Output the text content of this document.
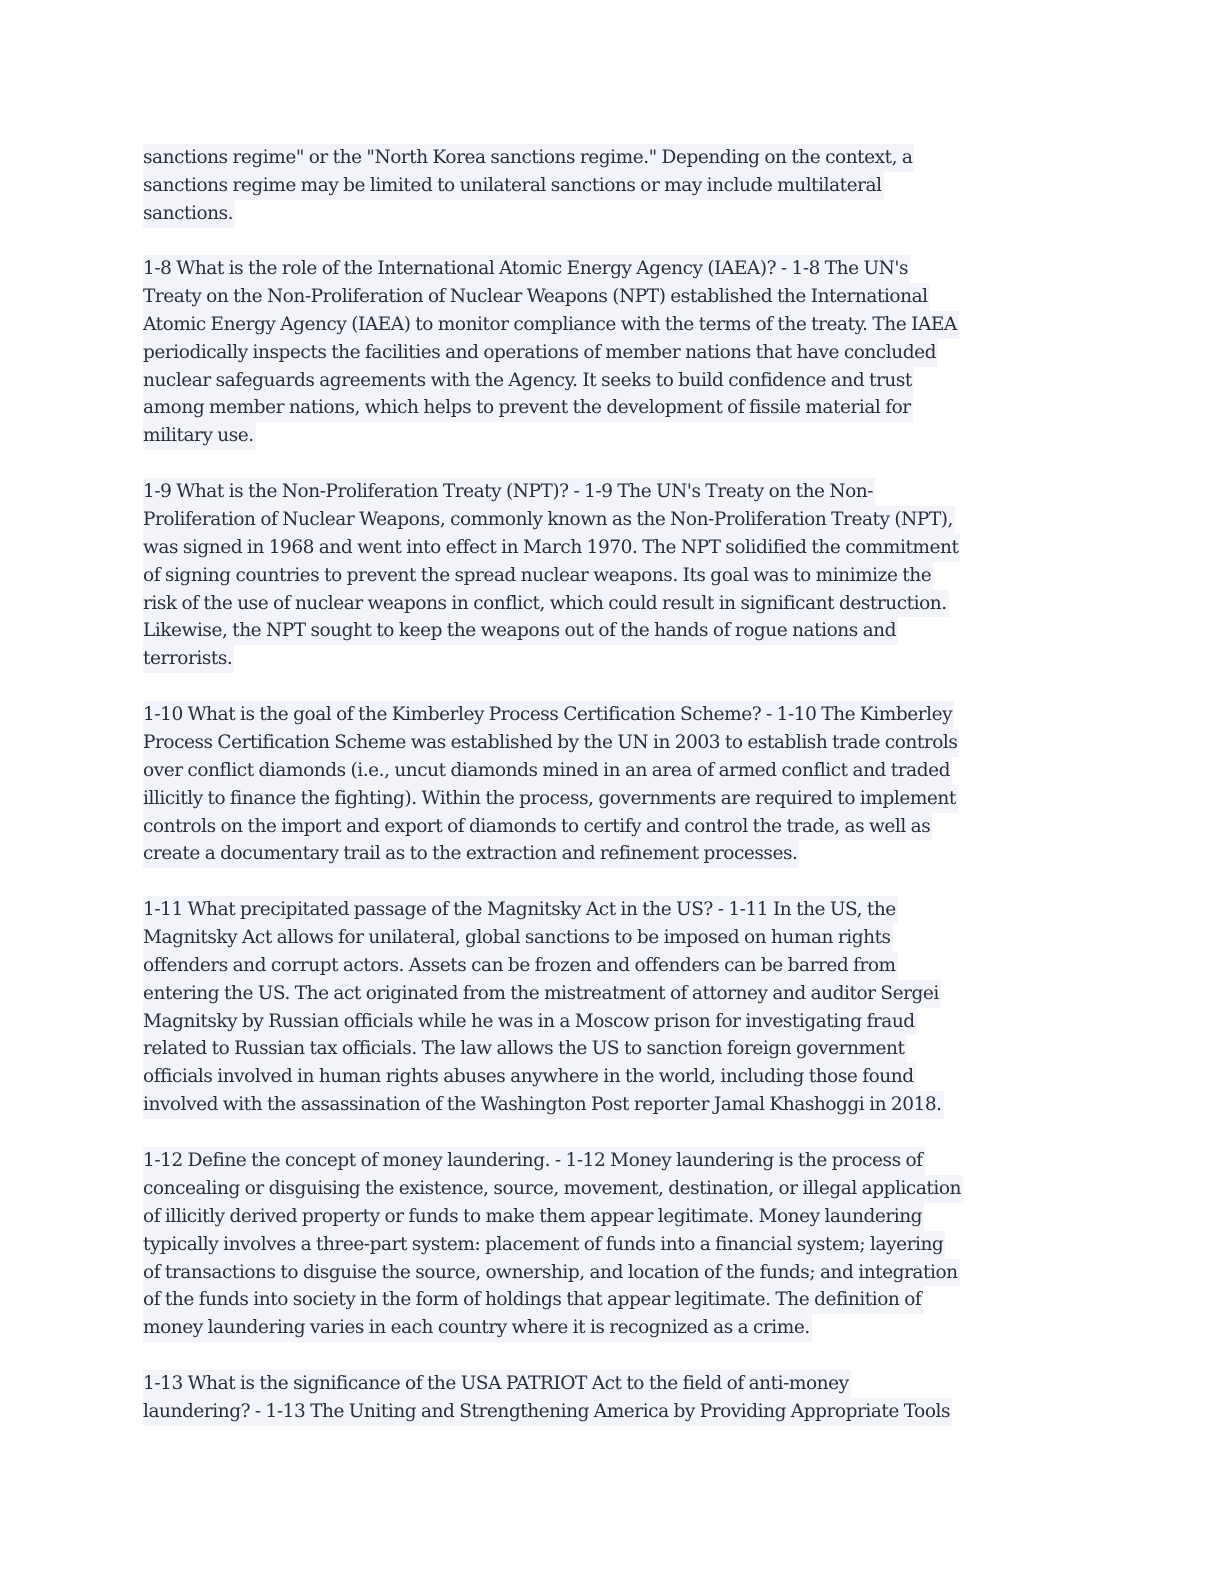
sanctions regime" or the "North Korea sanctions regime." Depending on the context, a
sanctions regime may be limited to unilateral sanctions or may include multilateral
sanctions.
1-8 What is the role of the International Atomic Energy Agency (IAEA)? - 1-8 The UN's
Treaty on the Non-Proliferation of Nuclear Weapons (NPT) established the International
Atomic Energy Agency (IAEA) to monitor compliance with the terms of the treaty. The IAEA
periodically inspects the facilities and operations of member nations that have concluded
nuclear safeguards agreements with the Agency. It seeks to build confidence and trust
among member nations, which helps to prevent the development of fissile material for
military use.
1-9 What is the Non-Proliferation Treaty (NPT)? - 1-9 The UN's Treaty on the Non-
Proliferation of Nuclear Weapons, commonly known as the Non-Proliferation Treaty (NPT),
was signed in 1968 and went into effect in March 1970. The NPT solidified the commitment
of signing countries to prevent the spread nuclear weapons. Its goal was to minimize the
risk of the use of nuclear weapons in conflict, which could result in significant destruction.
Likewise, the NPT sought to keep the weapons out of the hands of rogue nations and
terrorists.
1-10 What is the goal of the Kimberley Process Certification Scheme? - 1-10 The Kimberley
Process Certification Scheme was established by the UN in 2003 to establish trade controls
over conflict diamonds (i.e., uncut diamonds mined in an area of armed conflict and traded
illicitly to finance the fighting). Within the process, governments are required to implement
controls on the import and export of diamonds to certify and control the trade, as well as
create a documentary trail as to the extraction and refinement processes.
1-11 What precipitated passage of the Magnitsky Act in the US? - 1-11 In the US, the
Magnitsky Act allows for unilateral, global sanctions to be imposed on human rights
offenders and corrupt actors. Assets can be frozen and offenders can be barred from
entering the US. The act originated from the mistreatment of attorney and auditor Sergei
Magnitsky by Russian officials while he was in a Moscow prison for investigating fraud
related to Russian tax officials. The law allows the US to sanction foreign government
officials involved in human rights abuses anywhere in the world, including those found
involved with the assassination of the Washington Post reporter Jamal Khashoggi in 2018.
1-12 Define the concept of money laundering. - 1-12 Money laundering is the process of
concealing or disguising the existence, source, movement, destination, or illegal application
of illicitly derived property or funds to make them appear legitimate. Money laundering
typically involves a three-part system: placement of funds into a financial system; layering
of transactions to disguise the source, ownership, and location of the funds; and integration
of the funds into society in the form of holdings that appear legitimate. The definition of
money laundering varies in each country where it is recognized as a crime.
1-13 What is the significance of the USA PATRIOT Act to the field of anti-money
laundering? - 1-13 The Uniting and Strengthening America by Providing Appropriate Tools
